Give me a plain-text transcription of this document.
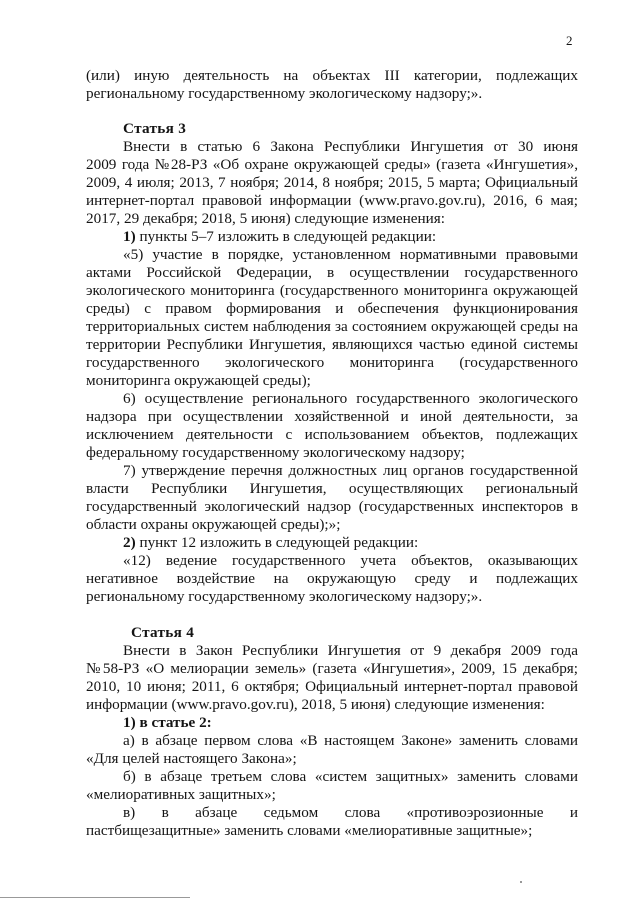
2
(или) иную деятельность на объектах III категории, подлежащих
региональному государственному экологическому надзору;».
Статья 3
Внести в статью 6 Закона Республики Ингушетия от 30 июня
2009 года №28-РЗ «Об охране окружающей среды» (газета «Ингушетия»,
2009, 4 июля; 2013, 7 ноября; 2014, 8 ноября; 2015, 5 марта; Официальный
интернет-портал правовой информации (www.pravo.gov.ru), 2016, 6 мая;
2017, 29 декабря; 2018, 5 июня) следующие изменения:
1) пункты 5–7 изложить в следующей редакции:
«5) участие в порядке, установленном нормативными правовыми
актами Российской Федерации, в осуществлении государственного
экологического мониторинга (государственного мониторинга окружающей
среды) с правом формирования и обеспечения функционирования
территориальных систем наблюдения за состоянием окружающей среды на
территории Республики Ингушетия, являющихся частью единой системы
государственного экологического мониторинга (государственного
мониторинга окружающей среды);
6) осуществление регионального государственного экологического
надзора при осуществлении хозяйственной и иной деятельности, за
исключением деятельности с использованием объектов, подлежащих
федеральному государственному экологическому надзору;
7) утверждение перечня должностных лиц органов государственной
власти Республики Ингушетия, осуществляющих региональный
государственный экологический надзор (государственных инспекторов в
области охраны окружающей среды);»;
2) пункт 12 изложить в следующей редакции:
«12) ведение государственного учета объектов, оказывающих
негативное воздействие на окружающую среду и подлежащих
региональному государственному экологическому надзору;».
Статья 4
Внести в Закон Республики Ингушетия от 9 декабря 2009 года
№58-РЗ «О мелиорации земель» (газета «Ингушетия», 2009, 15 декабря;
2010, 10 июня; 2011, 6 октября; Официальный интернет-портал правовой
информации (www.pravo.gov.ru), 2018, 5 июня) следующие изменения:
1) в статье 2:
а) в абзаце первом слова «В настоящем Законе» заменить словами
«Для целей настоящего Закона»;
б) в абзаце третьем слова «систем защитных» заменить словами
«мелиоративных защитных»;
в) в абзаце седьмом слова «противоэрозионные и
пастбищезащитные» заменить словами «мелиоративные защитные»;
